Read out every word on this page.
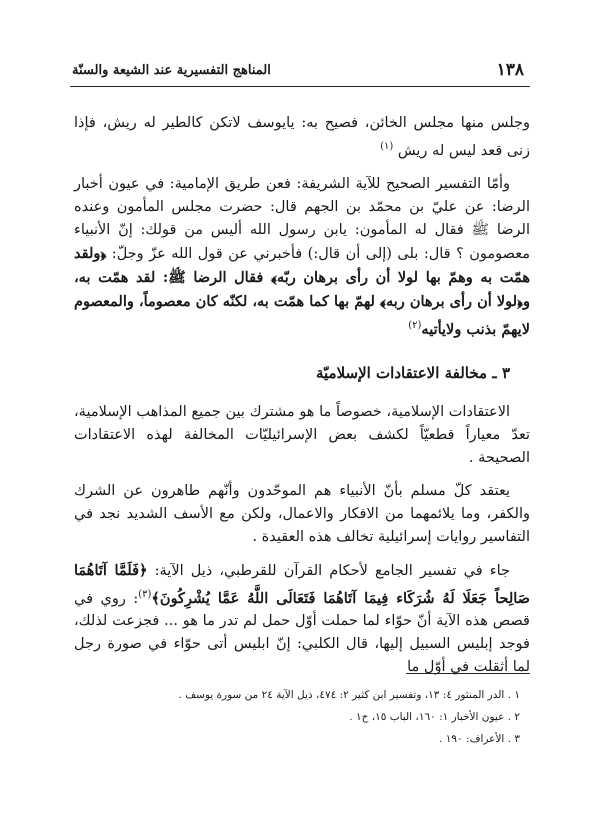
١٣٨
المناهج التفسيرية عند الشيعة والسنّة

وجلس منها مجلس الخائن، فصيح به: يايوسف لاتكن كالطير له ريش، فإذا زنى قعد ليس له ريش $^{(١)}$

وأمّا التفسير الصحيح للآية الشريفة: فعن طريق الإمامية: في عيون أخبار الرضا: عن عليّ بن محمّد بن الجهم قال: حضرت مجلس المأمون وعنده الرضا ﷺ فقال له المأمون: يابن رسول الله أليس من قولك: إنّ الأنبياء معصومون ؟ قال: بلى (إلى أن قال:) فأخبرني عن قول الله عزّ وجلّ: ﴿ولقد همّت به وهمّ بها لولا أن رأى برهان ربّه﴾ فقال الرضا ﷺ: لقد همّت به، و﴿لولا أن رأى برهان ربه﴾ لهمّ بها كما همّت به، لكنّه كان معصوماً، والمعصوم لايهمّ بذنب ولايأتيه$^{(٢)}$

٣ ـ مخالفة الاعتقادات الإسلاميّة

الاعتقادات الإسلامية، خصوصاً ما هو مشترك بين جميع المذاهب الإسلامية، تعدّ معياراً قطعيّاً لكشف بعض الإسرائيليّات المخالفة لهذه الاعتقادات الصحيحة .

يعتقد كلّ مسلم بأنّ الأنبياء هم الموحّدون وأنّهم طاهرون عن الشرك والكفر، وما يلائمهما من الافكار والاعمال، ولكن مع الأسف الشديد نجد في التفاسير روايات إسرائيلية تخالف هذه العقيدة .

جاء في تفسير الجامع لأحكام القرآن للقرطبي، ذيل الآية: ﴿فَلَمَّا آتَاهُمَا صَالِحاً جَعَلَا لَهُ شُرَكَاء فِيمَا آتَاهُمَا فَتَعَالَى اللَّهُ عَمَّا يُشْرِكُونَ﴾$^{(٣)}$: روي في قصص هذه الآية أنّ حوّاء لما حملت أوّل حمل لم تدر ما هو ... فجزعت لذلك، فوجد إبليس السبيل إليها، قال الكلبي: إنّ ابليس أتى حوّاء في صورة رجل لما أثقلت في أوّل ما

١ . الدر المنثور ٤: ١٣، وتفسير ابن كثير ٢: ٤٧٤، ذيل الآية ٢٤ من سورة يوسف .
٢ . عيون الأخبار ١: ١٦٠، الباب ١٥، ح١ .
٣ . الأعراف: ١٩٠ .
